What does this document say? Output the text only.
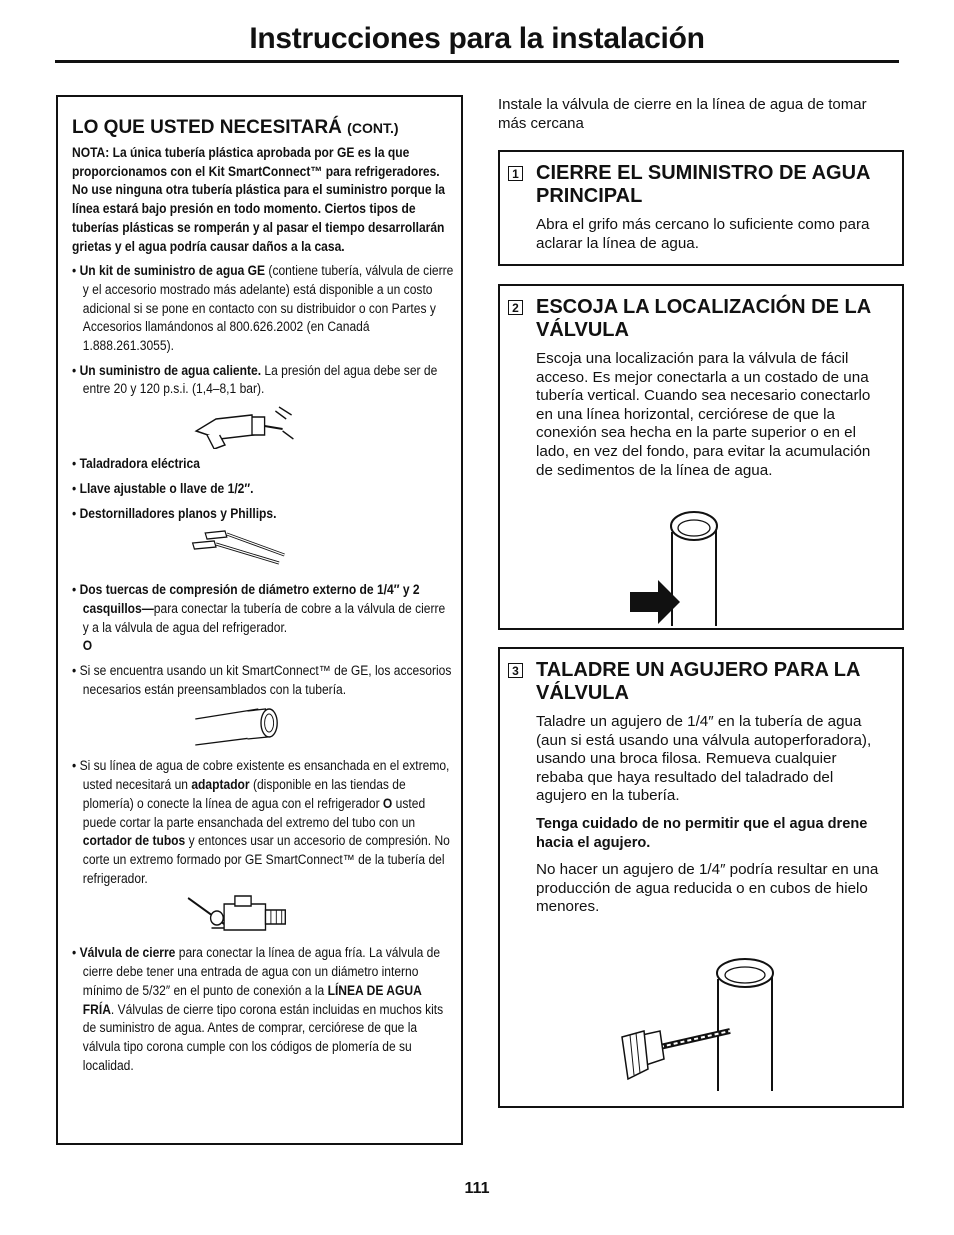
Instrucciones para la instalación
LO QUE USTED NECESITARÁ (CONT.)
NOTA: La única tubería plástica aprobada por GE es la que proporcionamos con el Kit SmartConnect™ para refrigeradores. No use ninguna otra tubería plástica para el suministro porque la línea estará bajo presión en todo momento. Ciertos tipos de tuberías plásticas se romperán y al pasar el tiempo desarrollarán grietas y el agua podría causar daños a la casa.
• Un kit de suministro de agua GE (contiene tubería, válvula de cierre y el accesorio mostrado más adelante) está disponible a un costo adicional si se pone en contacto con su distribuidor o con Partes y Accesorios llamándonos al 800.626.2002 (en Canadá 1.888.261.3055).
• Un suministro de agua caliente. La presión del agua debe ser de entre 20 y 120 p.s.i. (1,4–8,1 bar).
• Taladradora eléctrica
• Llave ajustable o llave de 1/2″.
• Destornilladores planos y Phillips.
• Dos tuercas de compresión de diámetro externo de 1/4″ y 2 casquillos—para conectar la tubería de cobre a la válvula de cierre y a la válvula de agua del refrigerador.
O
• Si se encuentra usando un kit SmartConnect™ de GE, los accesorios necesarios están preensamblados con la tubería.
• Si su línea de agua de cobre existente es ensanchada en el extremo, usted necesitará un adaptador (disponible en las tiendas de plomería) o conecte la línea de agua con el refrigerador O usted puede cortar la parte ensanchada del extremo del tubo con un cortador de tubos y entonces usar un accesorio de compresión. No corte un extremo formado por GE SmartConnect™ de la tubería del refrigerador.
• Válvula de cierre para conectar la línea de agua fría. La válvula de cierre debe tener una entrada de agua con un diámetro interno mínimo de 5/32″ en el punto de conexión a la LÍNEA DE AGUA FRÍA. Válvulas de cierre tipo corona están incluidas en muchos kits de suministro de agua. Antes de comprar, cerciórese de que la válvula tipo corona cumple con los códigos de plomería de su localidad.
Instale la válvula de cierre en la línea de agua de tomar más cercana
1 CIERRE EL SUMINISTRO DE AGUA PRINCIPAL
Abra el grifo más cercano lo suficiente como para aclarar la línea de agua.
2 ESCOJA LA LOCALIZACIÓN DE LA VÁLVULA
Escoja una localización para la válvula de fácil acceso. Es mejor conectarla a un costado de una tubería vertical. Cuando sea necesario conectarlo en una línea horizontal, cerciórese de que la conexión sea hecha en la parte superior o en el lado, en vez del fondo, para evitar la acumulación de sedimentos de la línea de agua.
3 TALADRE UN AGUJERO PARA LA VÁLVULA

Taladre un agujero de 1/4″ en la tubería de agua (aun si está usando una válvula autoperforadora), usando una broca filosa. Remueva cualquier rebaba que haya resultado del taladrado del agujero en la tubería.

Tenga cuidado de no permitir que el agua drene hacia el agujero.

No hacer un agujero de 1/4″ podría resultar en una producción de agua reducida o en cubos de hielo menores.

111
